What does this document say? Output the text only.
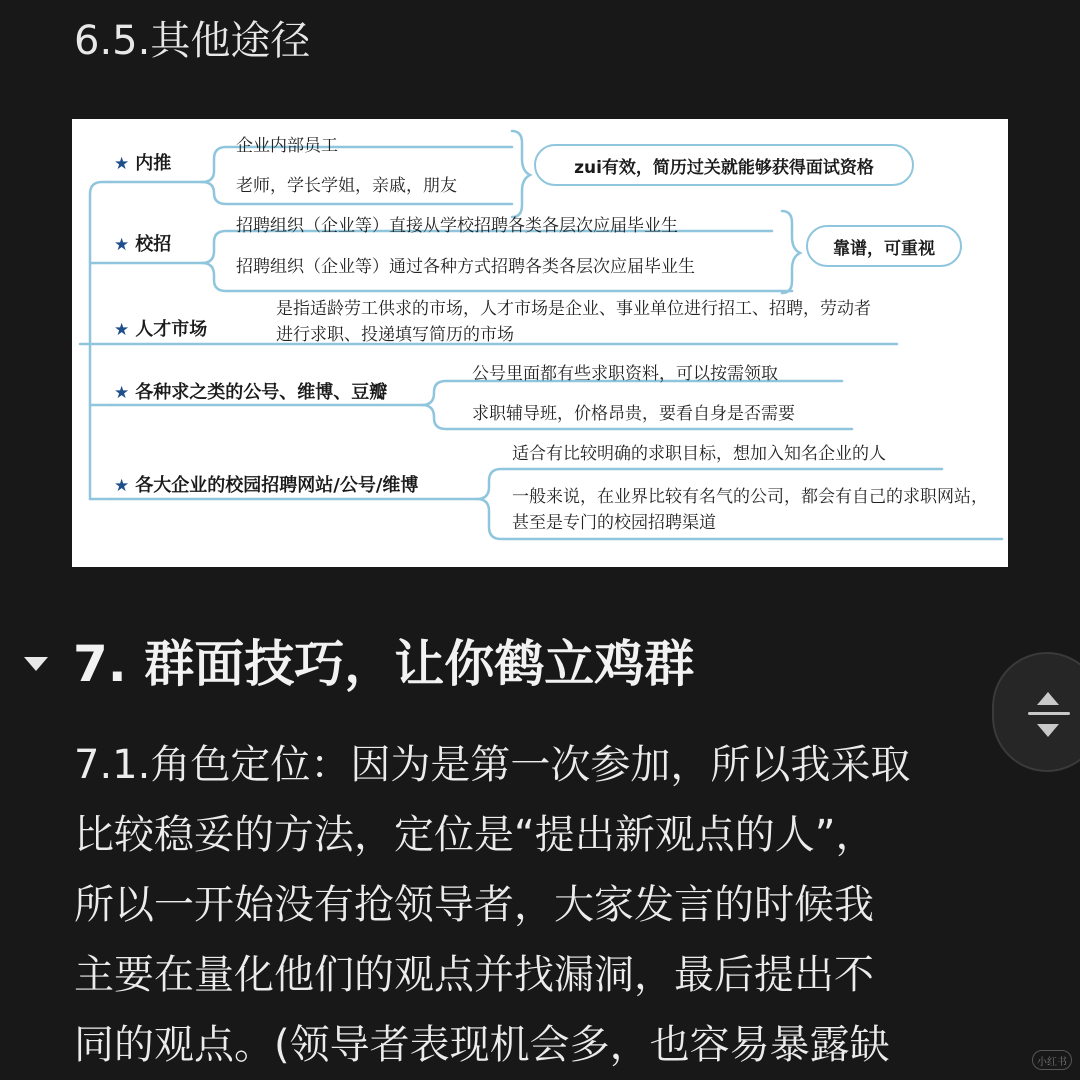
6.5.其他途径
★ 内推
企业内部员工
老师，学长学姐，亲戚，朋友
zui有效，简历过关就能够获得面试资格
★ 校招
招聘组织（企业等）直接从学校招聘各类各层次应届毕业生
招聘组织（企业等）通过各种方式招聘各类各层次应届毕业生
靠谱，可重视
★ 人才市场
是指适龄劳工供求的市场，人才市场是企业、事业单位进行招工、招聘，劳动者进行求职、投递填写简历的市场
★ 各种求之类的公号、维博、豆瓣
公号里面都有些求职资料，可以按需领取
求职辅导班，价格昂贵，要看自身是否需要
★ 各大企业的校园招聘网站/公号/维博
适合有比较明确的求职目标，想加入知名企业的人
一般来说，在业界比较有名气的公司，都会有自己的求职网站，甚至是专门的校园招聘渠道
7. 群面技巧，让你鹤立鸡群
7.1.角色定位：因为是第一次参加，所以我采取
比较稳妥的方法，定位是“提出新观点的人”，
所以一开始没有抢领导者，大家发言的时候我
主要在量化他们的观点并找漏洞，最后提出不
同的观点。(领导者表现机会多，也容易暴露缺	小红书
